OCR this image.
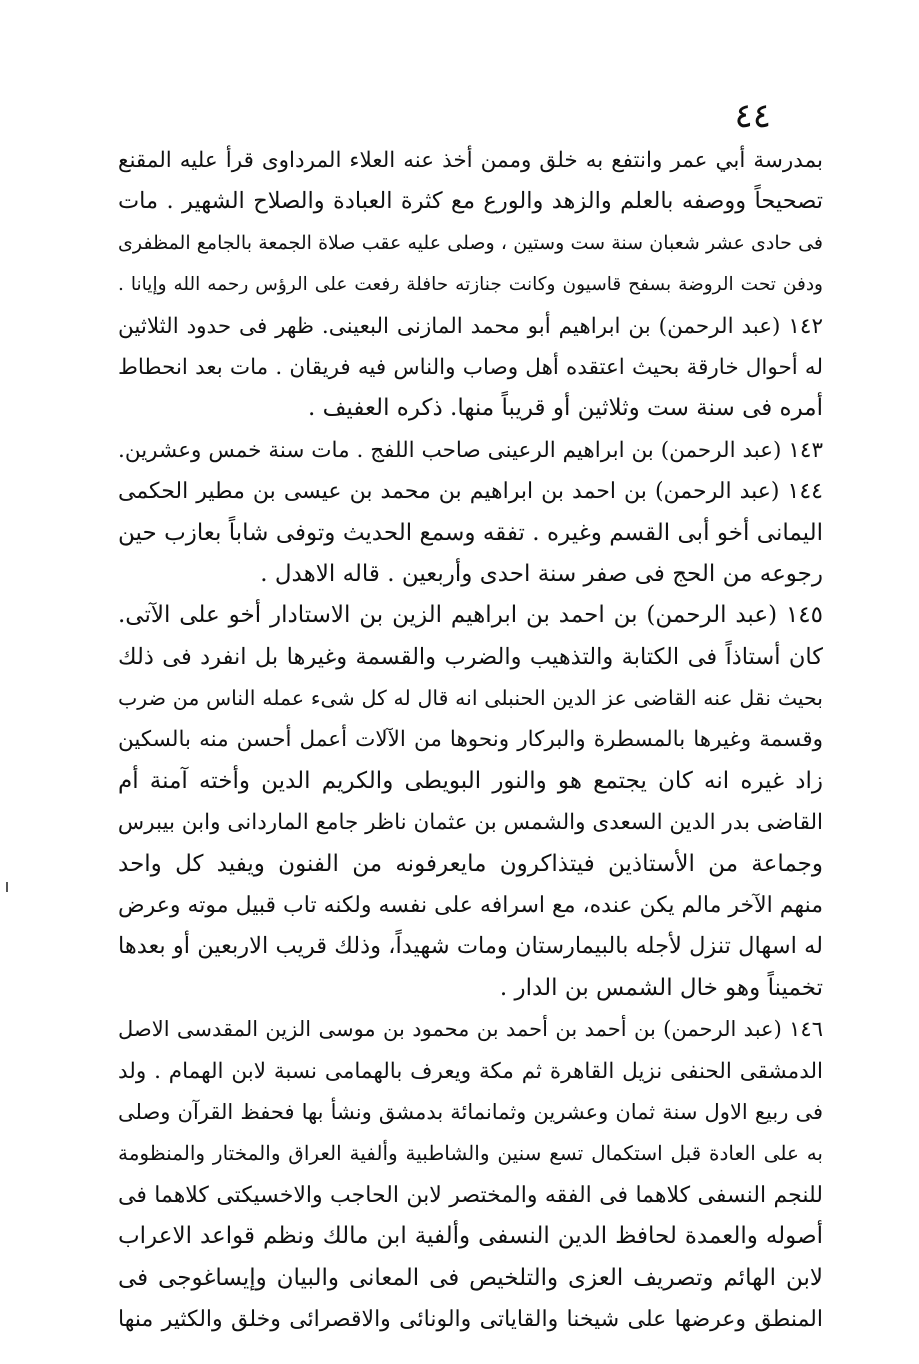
٤٤
بمدرسة أبي عمر وانتفع به خلق وممن أخذ عنه العلاء المرداوى قرأ عليه المقنع
تصحيحاً ووصفه بالعلم والزهد والورع مع كثرة العبادة والصلاح الشهير . مات
فى حادى عشر شعبان سنة ست وستين ، وصلى عليه عقب صلاة الجمعة بالجامع المظفرى
ودفن تحت الروضة بسفح قاسيون وكانت جنازته حافلة رفعت على الرؤس رحمه الله وإيانا .
١٤٢ (عبد الرحمن) بن ابراهيم أبو محمد المازنى البعينى. ظهر فى حدود الثلاثين
له أحوال خارقة بحيث اعتقده أهل وصاب والناس فيه فريقان . مات بعد انحطاط
أمره فى سنة ست وثلاثين أو قريباً منها. ذكره العفيف .
١٤٣ (عبد الرحمن) بن ابراهيم الرعينى صاحب اللفج . مات سنة خمس وعشرين.
١٤٤ (عبد الرحمن) بن احمد بن ابراهيم بن محمد بن عيسى بن مطير الحكمى
اليمانى أخو أبى القسم وغيره . تفقه وسمع الحديث وتوفى شاباً بعازب حين
رجوعه من الحج فى صفر سنة احدى وأربعين . قاله الاهدل .
١٤٥ (عبد الرحمن) بن احمد بن ابراهيم الزين بن الاستادار أخو على الآتى.
كان أستاذاً فى الكتابة والتذهيب والضرب والقسمة وغيرها بل انفرد فى ذلك
بحيث نقل عنه القاضى عز الدين الحنبلى انه قال له كل شىء عمله الناس من ضرب
وقسمة وغيرها بالمسطرة والبركار ونحوها من الآلات أعمل أحسن منه بالسكين
زاد غيره انه كان يجتمع هو والنور البويطى والكريم الدين وأخته آمنة أم
القاضى بدر الدين السعدى والشمس بن عثمان ناظر جامع الماردانى وابن بيبرس
وجماعة من الأستاذين فيتذاكرون مايعرفونه من الفنون ويفيد كل واحد
منهم الآخر مالم يكن عنده، مع اسرافه على نفسه ولكنه تاب قبيل موته وعرض
له اسهال تنزل لأجله بالبيمارستان ومات شهيداً، وذلك قريب الاربعين أو بعدها
تخميناً وهو خال الشمس بن الدار .
١٤٦ (عبد الرحمن) بن أحمد بن أحمد بن محمود بن موسى الزين المقدسى الاصل
الدمشقى الحنفى نزيل القاهرة ثم مكة ويعرف بالهمامى نسبة لابن الهمام . ولد
فى ربيع الاول سنة ثمان وعشرين وثمانمائة بدمشق ونشأ بها فحفظ القرآن وصلى
به على العادة قبل استكمال تسع سنين والشاطبية وألفية العراق والمختار والمنظومة
للنجم النسفى كلاهما فى الفقه والمختصر لابن الحاجب والاخسيكتى كلاهما فى
أصوله والعمدة لحافظ الدين النسفى وألفية ابن مالك ونظم قواعد الاعراب
لابن الهائم وتصريف العزى والتلخيص فى المعانى والبيان وإيساغوجى فى
المنطق وعرضها على شيخنا والقاياتى والونائى والاقصرائى وخلق والكثير منها
